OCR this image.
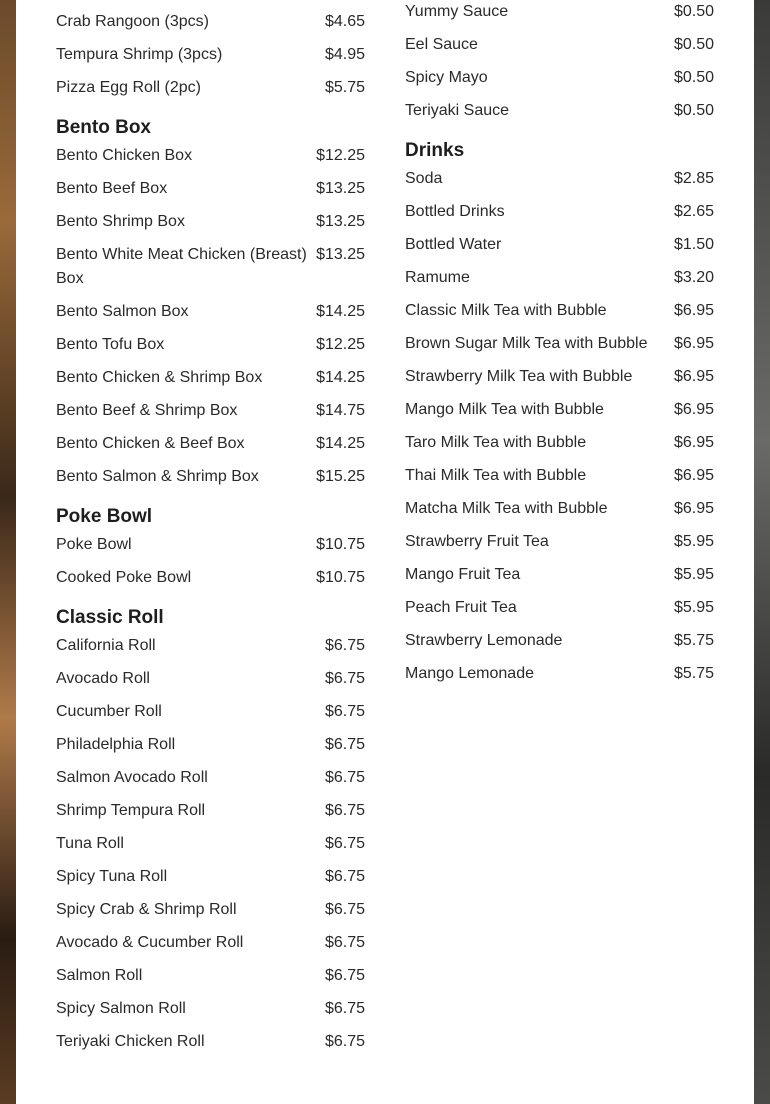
Crab Rangoon (3pcs)	$4.65
Tempura Shrimp (3pcs)	$4.95
Pizza Egg Roll (2pc)	$5.75
Bento Box
Bento Chicken Box	$12.25
Bento Beef Box	$13.25
Bento Shrimp Box	$13.25
Bento White Meat Chicken (Breast) Box
$13.25
Bento Salmon Box	$14.25
Bento Tofu Box	$12.25
Bento Chicken & Shrimp Box	$14.25
Bento Beef & Shrimp Box	$14.75
Bento Chicken & Beef Box	$14.25
Bento Salmon & Shrimp Box	$15.25
Poke Bowl
Poke Bowl	$10.75
Cooked Poke Bowl	$10.75
Classic Roll
California Roll	$6.75
Avocado Roll	$6.75
Cucumber Roll	$6.75
Philadelphia Roll	$6.75
Salmon Avocado Roll	$6.75
Shrimp Tempura Roll	$6.75
Tuna Roll	$6.75
Spicy Tuna Roll	$6.75
Spicy Crab & Shrimp Roll	$6.75
Avocado & Cucumber Roll	$6.75
Salmon Roll	$6.75
Spicy Salmon Roll	$6.75
Teriyaki Chicken Roll	$6.75
Yummy Sauce	$0.50
Eel Sauce	$0.50
Spicy Mayo	$0.50
Teriyaki Sauce	$0.50
Drinks
Soda	$2.85
Bottled Drinks	$2.65
Bottled Water	$1.50
Ramume	$3.20
Classic Milk Tea with Bubble	$6.95
Brown Sugar Milk Tea with Bubble	$6.95
Strawberry Milk Tea with Bubble	$6.95
Mango Milk Tea with Bubble	$6.95
Taro Milk Tea with Bubble	$6.95
Thai Milk Tea with Bubble	$6.95
Matcha Milk Tea with Bubble	$6.95
Strawberry Fruit Tea	$5.95
Mango Fruit Tea	$5.95
Peach Fruit Tea	$5.95
Strawberry Lemonade	$5.75
Mango Lemonade	$5.75
